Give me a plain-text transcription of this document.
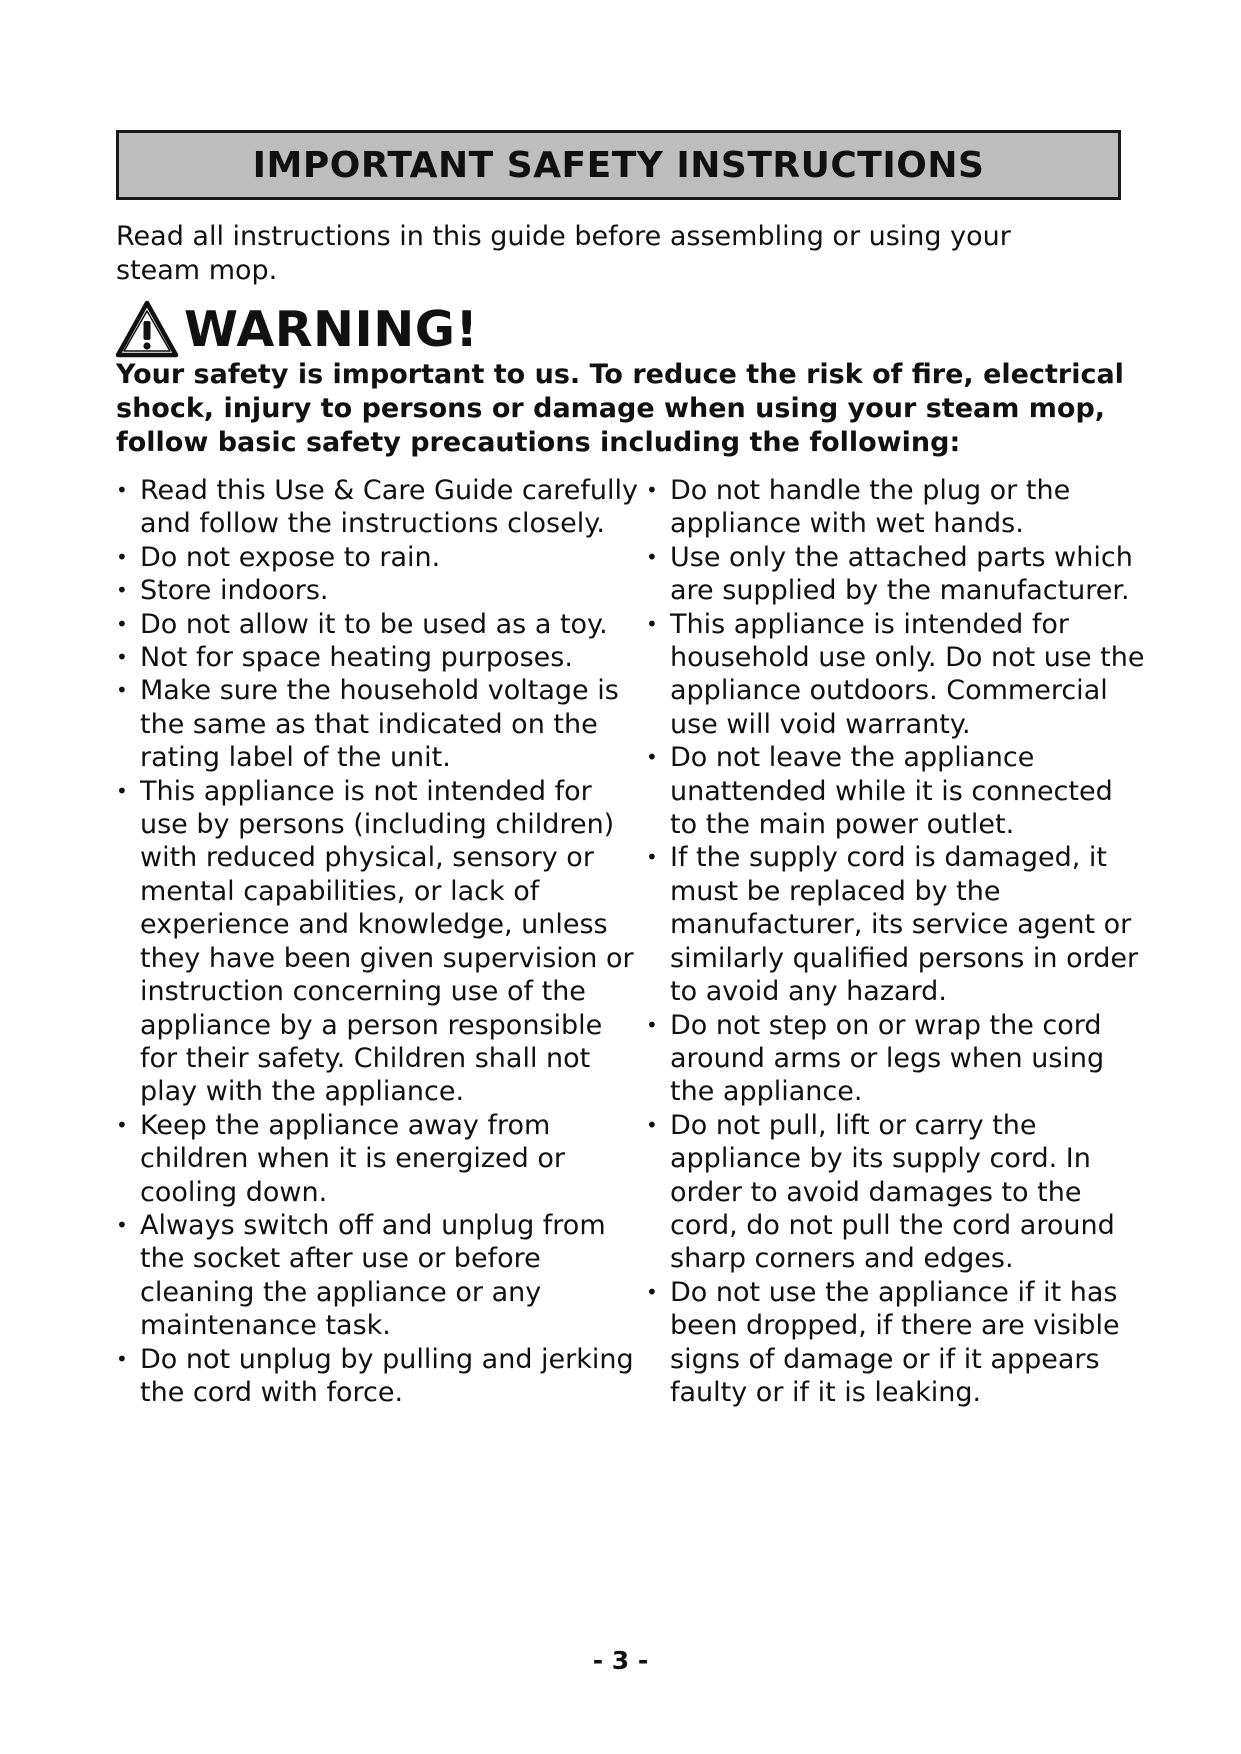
IMPORTANT SAFETY INSTRUCTIONS

Read all instructions in this guide before assembling or using your steam mop.

WARNING!

Your safety is important to us. To reduce the risk of fire, electrical shock, injury to persons or damage when using your steam mop, follow basic safety precautions including the following:

• Read this Use & Care Guide carefully and follow the instructions closely.
• Do not expose to rain.
• Store indoors.
• Do not allow it to be used as a toy.
• Not for space heating purposes.
• Make sure the household voltage is the same as that indicated on the rating label of the unit.
• This appliance is not intended for use by persons (including children) with reduced physical, sensory or mental capabilities, or lack of experience and knowledge, unless they have been given supervision or instruction concerning use of the appliance by a person responsible for their safety. Children shall not play with the appliance.
• Keep the appliance away from children when it is energized or cooling down.
• Always switch off and unplug from the socket after use or before cleaning the appliance or any maintenance task.
• Do not unplug by pulling and jerking the cord with force.
• Do not handle the plug or the appliance with wet hands.
• Use only the attached parts which are supplied by the manufacturer.
• This appliance is intended for household use only. Do not use the appliance outdoors. Commercial use will void warranty.
• Do not leave the appliance unattended while it is connected to the main power outlet.
• If the supply cord is damaged, it must be replaced by the manufacturer, its service agent or similarly qualified persons in order to avoid any hazard.
• Do not step on or wrap the cord around arms or legs when using the appliance.
• Do not pull, lift or carry the appliance by its supply cord. In order to avoid damages to the cord, do not pull the cord around sharp corners and edges.
• Do not use the appliance if it has been dropped, if there are visible signs of damage or if it appears faulty or if it is leaking.
- 3 -
